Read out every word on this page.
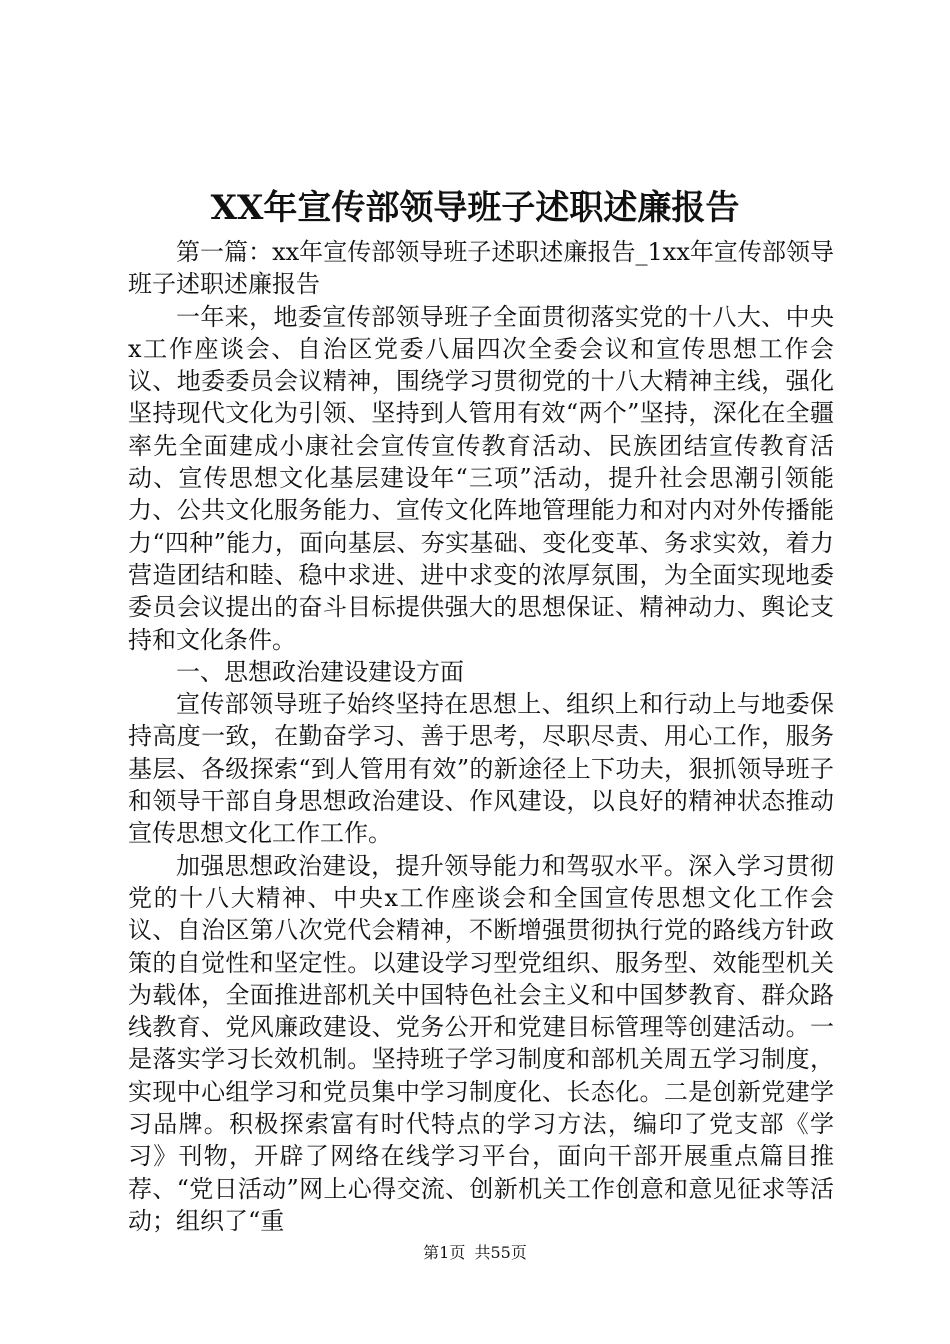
XX年宣传部领导班子述职述廉报告

第一篇：xx年宣传部领导班子述职述廉报告_1xx年宣传部领导班子述职述廉报告

一年来，地委宣传部领导班子全面贯彻落实党的十八大、中央x工作座谈会、自治区党委八届四次全委会议和宣传思想工作会议、地委委员会议精神，围绕学习贯彻党的十八大精神主线，强化坚持现代文化为引领、坚持到人管用有效“两个”坚持，深化在全疆率先全面建成小康社会宣传宣传教育活动、民族团结宣传教育活动、宣传思想文化基层建设年“三项”活动，提升社会思潮引领能力、公共文化服务能力、宣传文化阵地管理能力和对内对外传播能力“四种”能力，面向基层、夯实基础、变化变革、务求实效，着力营造团结和睦、稳中求进、进中求变的浓厚氛围，为全面实现地委委员会议提出的奋斗目标提供强大的思想保证、精神动力、舆论支持和文化条件。

一、思想政治建设建设方面

宣传部领导班子始终坚持在思想上、组织上和行动上与地委保持高度一致，在勤奋学习、善于思考，尽职尽责、用心工作，服务基层、各级探索“到人管用有效”的新途径上下功夫，狠抓领导班子和领导干部自身思想政治建设、作风建设，以良好的精神状态推动宣传思想文化工作工作。

加强思想政治建设，提升领导能力和驾驭水平。深入学习贯彻党的十八大精神、中央x工作座谈会和全国宣传思想文化工作会议、自治区第八次党代会精神，不断增强贯彻执行党的路线方针政策的自觉性和坚定性。以建设学习型党组织、服务型、效能型机关为载体，全面推进部机关中国特色社会主义和中国梦教育、群众路线教育、党风廉政建设、党务公开和党建目标管理等创建活动。一是落实学习长效机制。坚持班子学习制度和部机关周五学习制度，实现中心组学习和党员集中学习制度化、长态化。二是创新党建学习品牌。积极探索富有时代特点的学习方法，编印了党支部《学习》刊物，开辟了网络在线学习平台，面向干部开展重点篇目推荐、“党日活动”网上心得交流、创新机关工作创意和意见征求等活动；组织了“重

第1页 共55页
